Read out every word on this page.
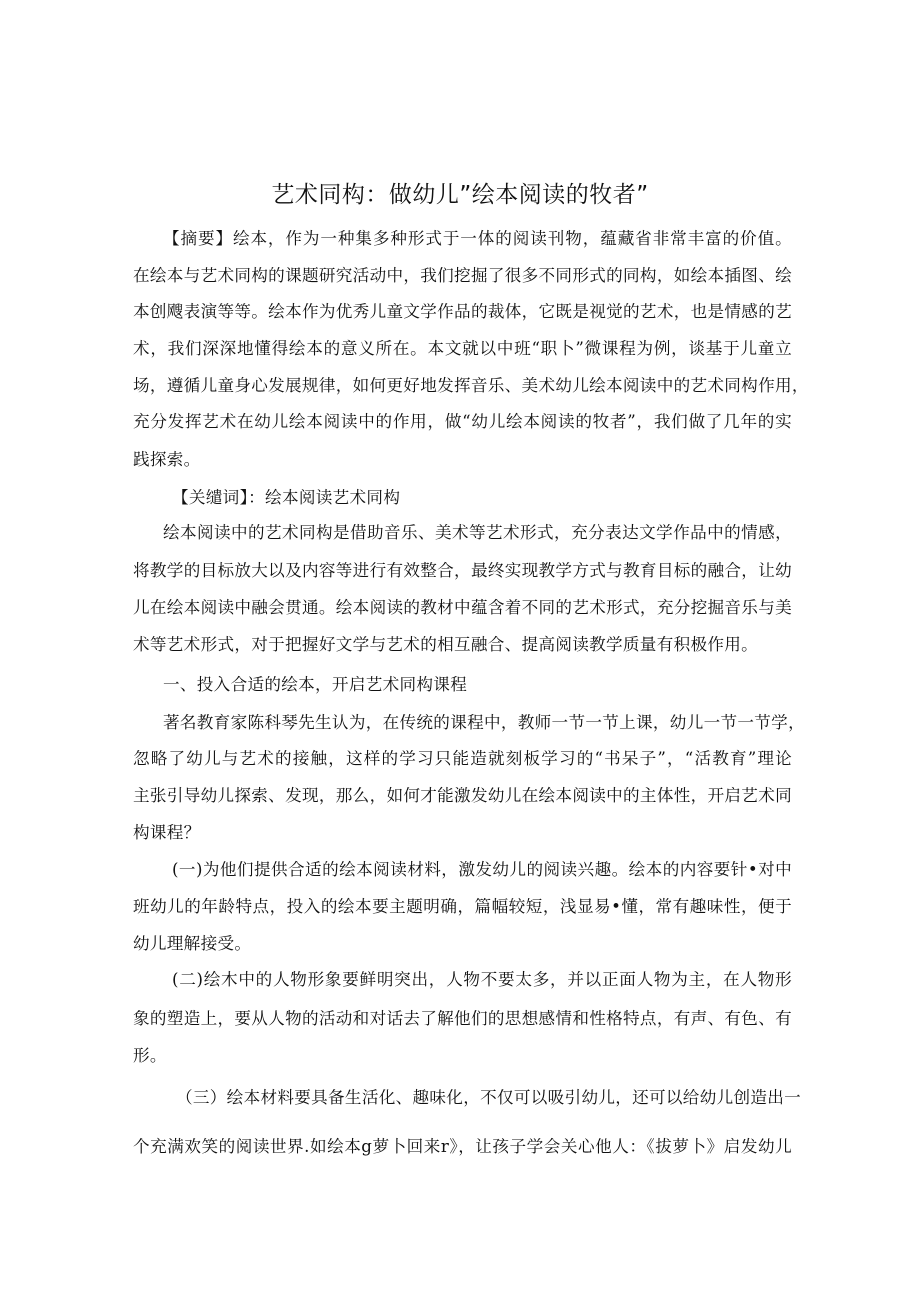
艺术同构：做幼儿”绘本阅读的牧者”
【摘要】绘本，作为一种集多种形式于一体的阅读刊物，蕴藏省非常丰富的价值。
在绘本与艺术同构的课题研究活动中，我们挖掘了很多不同形式的同构，如绘本插图、绘
本创飕表演等等。绘本作为优秀儿童文学作品的裁体，它既是视觉的艺术，也是情感的艺
术，我们深深地懂得绘本的意义所在。本文就以中班“职卜”微课程为例，谈基于儿童立
场，遵循儿童身心发展规律，如何更好地发挥音乐、美术幼儿绘本阅读中的艺术同构作用，
充分发挥艺术在幼儿绘本阅读中的作用，做“幼儿绘本阅读的牧者”，我们做了几年的实
践探索。
【关缱词】：绘本阅读艺术同构
绘本阅读中的艺术同构是借助音乐、美术等艺术形式，充分表达文学作品中的情感，
将教学的目标放大以及内容等进行有效整合，最终实现教学方式与教育目标的融合，让幼
儿在绘本阅读中融会贯通。绘本阅读的教材中蕴含着不同的艺术形式，充分挖掘音乐与美
术等艺术形式，对于把握好文学与艺术的相互融合、提高阅读教学质量有积极作用。
一、投入合适的绘本，开启艺术同构课程
著名教育家陈科琴先生认为，在传统的课程中，教师一节一节上课，幼儿一节一节学，
忽略了幼儿与艺术的接触，这样的学习只能造就刻板学习的“书呆子”，“活教育”理论
主张引导幼儿探索、发现，那么，如何才能激发幼儿在绘本阅读中的主体性，开启艺术同
构课程？
(一)为他们提供合适的绘本阅读材料，激发幼儿的阅读兴趣。绘本的内容要针•对中
班幼儿的年龄特点，投入的绘本要主题明确，篇幅较短，浅显易•懂，常有趣味性，便于
幼儿理解接受。
(二)绘木中的人物形象要鲜明突出，人物不要太多，并以正面人物为主，在人物形
象的塑造上，要从人物的活动和对话去了解他们的思想感情和性格特点，有声、有色、有
形。
（三）绘本材料要具备生活化、趣味化，不仅可以吸引幼儿，还可以给幼儿创造出一
个充满欢笑的阅读世界.如绘本g萝卜回来r》，让孩子学会关心他人：《拔萝卜》启发幼儿
